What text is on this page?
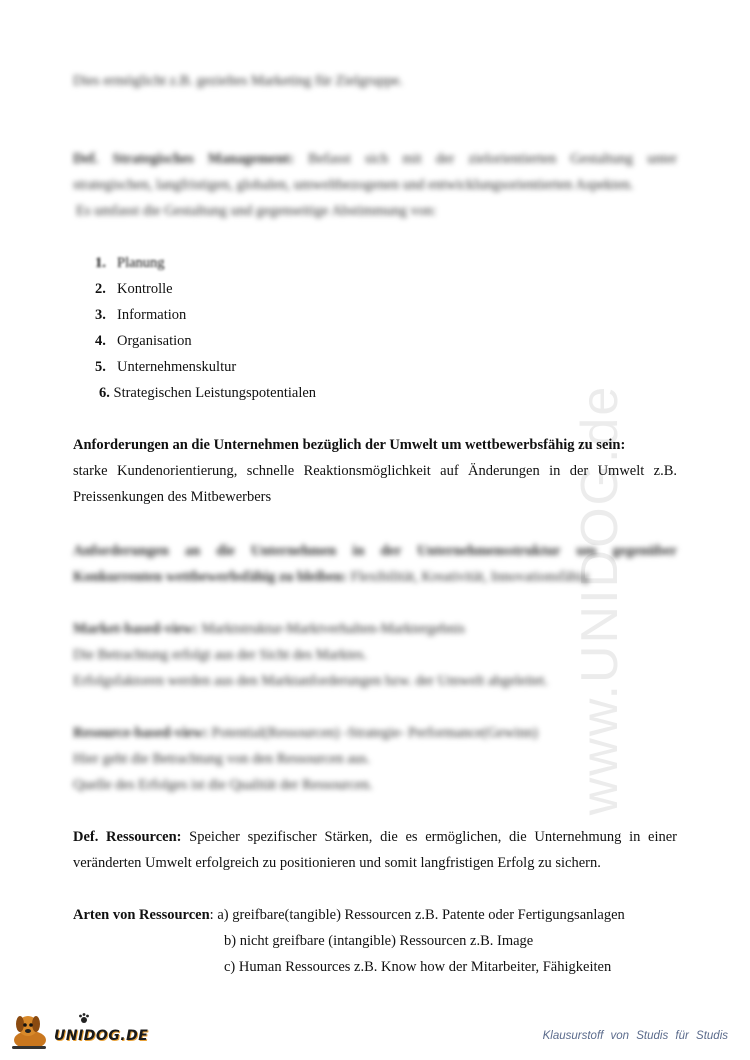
www.UNIDOG.de
Dies ermöglicht z.B. gezieltes Marketing für Zielgruppe.
Def. Strategisches Management: Befasst sich mit der zielorientierten Gestaltung unter
strategischen, langfristigen, globalen, umweltbezogenen und entwicklungsorientierten Aspekten.
Es umfasst die Gestaltung und gegenseitige Abstimmung von:
1. Planung
2. Kontrolle
3. Information
4. Organisation
5. Unternehmenskultur
6. Strategischen Leistungspotentialen
Anforderungen an die Unternehmen bezüglich der Umwelt um wettbewerbsfähig zu sein:
starke Kundenorientierung, schnelle Reaktionsmöglichkeit auf Änderungen in der Umwelt z.B.
Preissenkungen des Mitbewerbers
Anforderungen an die Unternehmen in der Unternehmensstruktur um gegenüber
Konkurrenten wettbewerbsfähig zu bleiben: Flexibilität, Kreativität, Innovationsfähig
Market-based-view: Marktstruktur-Marktverhalten-Marktergebnis
Die Betrachtung erfolgt aus der Sicht des Marktes.
Erfolgsfaktoren werden aus den Marktanforderungen bzw. der Umwelt abgeleitet.
Resource-based-view: Potential(Ressourcen) -Strategie- Performance(Gewinn)
Hier geht die Betrachtung von den Ressourcen aus.
Quelle des Erfolges ist die Qualität der Ressourcen.
Def. Ressourcen: Speicher spezifischer Stärken, die es ermöglichen, die Unternehmung in einer
veränderten Umwelt erfolgreich zu positionieren und somit langfristigen Erfolg zu sichern.
Arten von Ressourcen: a) greifbare(tangible) Ressourcen z.B. Patente oder Fertigungsanlagen
b) nicht greifbare (intangible) Ressourcen z.B. Image
c) Human Ressources z.B. Know how der Mitarbeiter, Fähigkeiten
UNIDOG.DE	Klausurstoff von Studis für Studis
